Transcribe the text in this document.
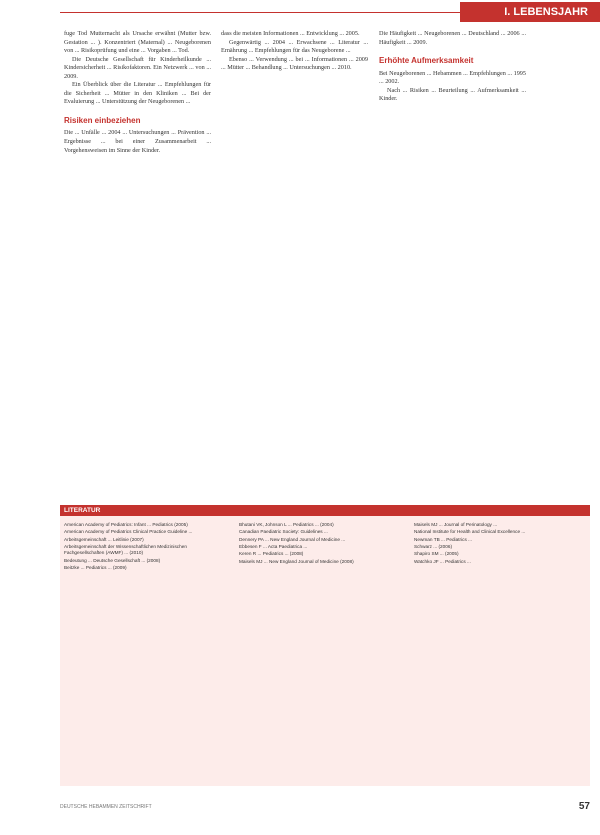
I. LEBENSJAHR

fuge Tod Mutternacht als Ursache erwähnt (Mutter bzw. Gestation ... ). Konzentriert (Maternal) ... Neugeborenen von ... Risikoprüfung und eine ... Vorgaben ... Tod.

Die Deutsche Gesellschaft für Kinderheilkunde ... Kindersicherheit ... Risikofaktoren. Ein Netzwerk ... von ... 2009.

Ein Überblick über die Literatur ... Empfehlungen für die Sicherheit ... Mütter in den Kliniken ... Bei der Evaluierung ... Unterstützung der Neugeborenen ...

Risiken einbeziehen

Die ... Unfälle ... 2004 ... Untersuchungen ... Prävention ... Ergebnisse ... bei einer Zusammenarbeit ... Vorgehensweisen im Sinne der Kinder.

dass die meisten Informationen ... Entwicklung ... 2005.

Gegenwärtig ... 2004 ... Erwachsene ... Literatur ... Ernährung ... Empfehlungen für das Neugeborene ...

Ebenso ... Verwendung ... bei ... Informationen ... 2009 ... Mütter ... Behandlung ... Untersuchungen ... 2010.

Die Häufigkeit ... Neugeborenen ... Deutschland ... 2006 ... Häufigkeit ... 2009.

Erhöhte Aufmerksamkeit

Bei Neugeborenen ... Hebammen ... Empfehlungen ... 1995 ... 2002.

Nach ... Risiken ... Beurteilung ... Aufmerksamkeit ... Kinder.

LITERATUR
American Academy of Pediatrics: Infant ... Pediatrics (2005)
American Academy of Pediatrics Clinical Practice Guideline ...
Arbeitsgemeinschaft ... Leitlinie (2007)
Arbeitsgemeinschaft der Wissenschaftlichen Medizinischen Fachgesellschaften (AWMF) ... (2010)
Bedeutung ... Deutsche Gesellschaft ... (2008)
Beitzke ... Pediatrics ... (2009)
Bhutani VK, Johnson L ... Pediatrics ... (2004)
Canadian Paediatric Society: Guidelines ...
Dennery PA ... New England Journal of Medicine ...
Ebbesen F ... Acta Paediatrica ...
Keren R ... Pediatrics ... (2008)
Maisels MJ ... New England Journal of Medicine (2008)
Maisels MJ ... Journal of Perinatology ...
National Institute for Health and Clinical Excellence ...
Newman TB ... Pediatrics ...
Schwarz ... (2006)
Shapiro SM ... (2005)
Watchko JF ... Pediatrics ...
DEUTSCHE HEBAMMEN ZEITSCHRIFT	57
